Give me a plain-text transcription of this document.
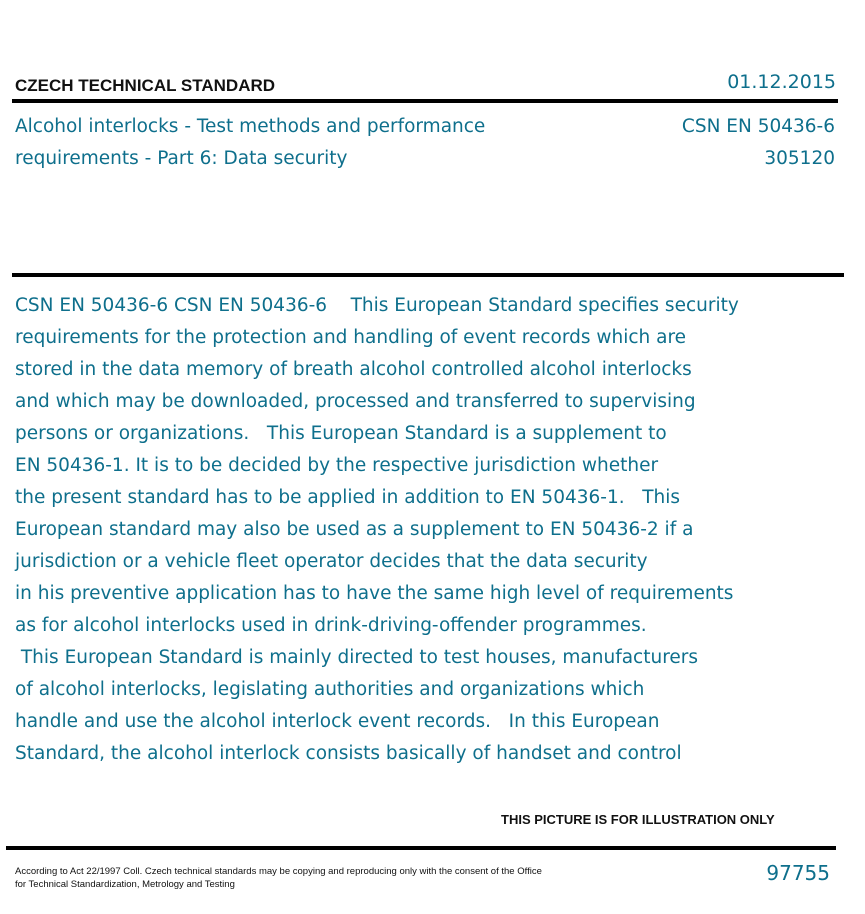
CZECH TECHNICAL STANDARD	01.12.2015
Alcohol interlocks - Test methods and performance
requirements - Part 6: Data security
CSN EN 50436-6
305120
CSN EN 50436-6 CSN EN 50436-6    This European Standard specifies security
requirements for the protection and handling of event records which are
stored in the data memory of breath alcohol controlled alcohol interlocks
and which may be downloaded, processed and transferred to supervising
persons or organizations.   This European Standard is a supplement to
EN 50436-1. It is to be decided by the respective jurisdiction whether
the present standard has to be applied in addition to EN 50436-1.   This
European standard may also be used as a supplement to EN 50436-2 if a
jurisdiction or a vehicle fleet operator decides that the data security
in his preventive application has to have the same high level of requirements
as for alcohol interlocks used in drink-driving-offender programmes.
This European Standard is mainly directed to test houses, manufacturers
of alcohol interlocks, legislating authorities and organizations which
handle and use the alcohol interlock event records.   In this European
Standard, the alcohol interlock consists basically of handset and control
THIS PICTURE IS FOR ILLUSTRATION ONLY
According to Act 22/1997 Coll. Czech technical standards may be copying and reproducing only with the consent of the Office
for Technical Standardization, Metrology and Testing	97755
